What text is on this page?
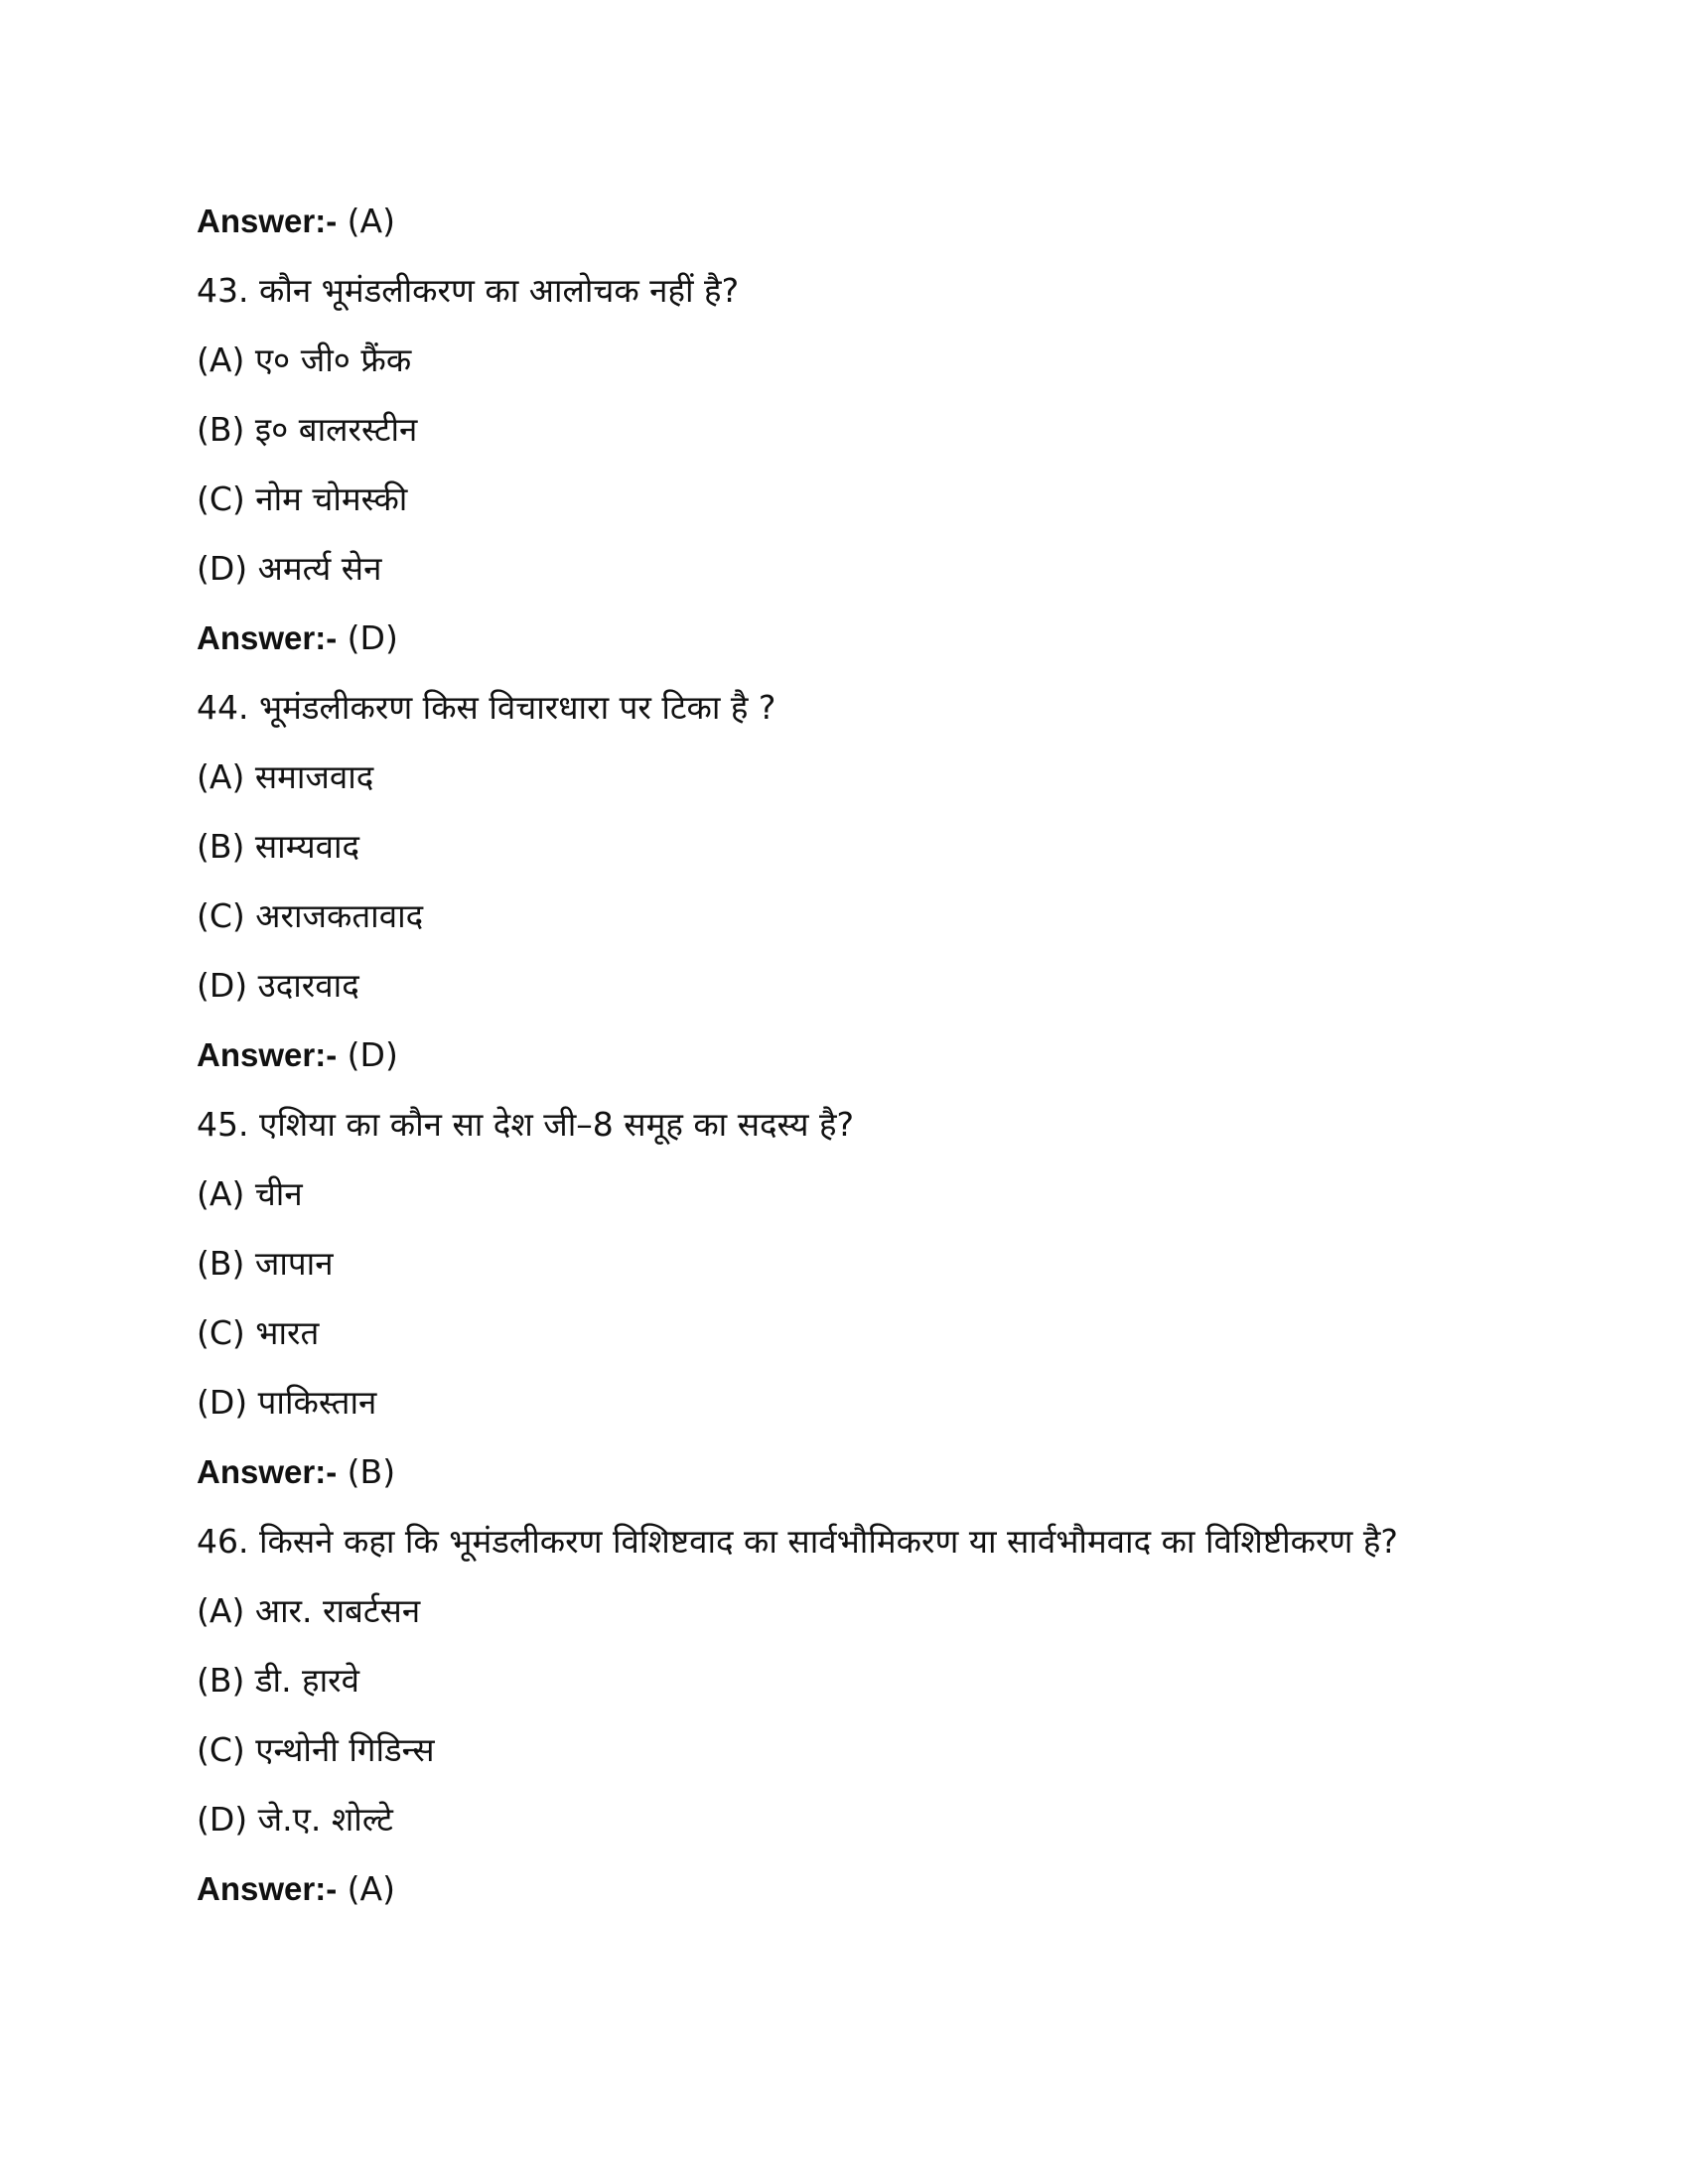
Answer:- (A)
43. कौन भूमंडलीकरण का आलोचक नहीं है?
(A) ए० जी० फ्रैंक
(B) इ० बालरस्टीन
(C) नोम चोमस्की
(D) अमर्त्य सेन
Answer:- (D)
44. भूमंडलीकरण किस विचारधारा पर टिका है ?
(A) समाजवाद
(B) साम्यवाद
(C) अराजकतावाद
(D) उदारवाद
Answer:- (D)
45. एशिया का कौन सा देश जी–8 समूह का सदस्य है?
(A) चीन
(B) जापान
(C) भारत
(D) पाकिस्तान
Answer:- (B)
46. किसने कहा कि भूमंडलीकरण विशिष्टवाद का सार्वभौमिकरण या सार्वभौमवाद का विशिष्टीकरण है?
(A) आर. राबर्टसन
(B) डी. हारवे
(C) एन्थोनी गिडिन्स
(D) जे.ए. शोल्टे
Answer:- (A)
